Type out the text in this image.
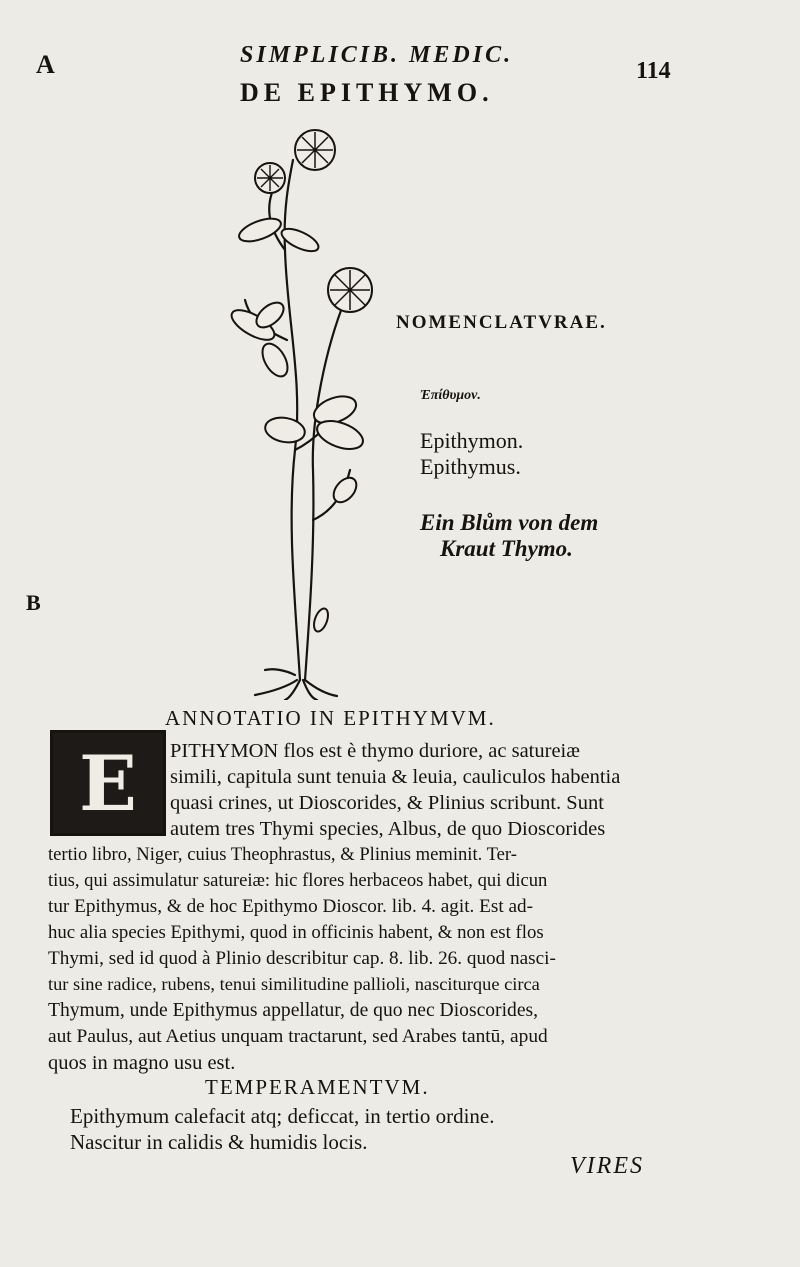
A
B
SIMPLICIB. MEDIC.
DE EPITHYMO.
114
NOMENCLATVRAE.
Ἐπίθυμον.
Epithymon.
Epithymus.
Ein Blům von dem
Kraut Thymo.
ANNOTATIO IN EPITHYMVM.
E	PITHYMON flos est è thymo duriore, ac satureiæ
simili, capitula sunt tenuia & leuia, cauliculos habentia
quasi crines, ut Dioscorides, & Plinius scribunt. Sunt
autem tres Thymi species, Albus, de quo Dioscorides
tertio libro, Niger, cuius Theophrastus, & Plinius meminit. Ter-
tius, qui assimulatur satureiæ: hic flores herbaceos habet, qui dicun
tur Epithymus, & de hoc Epithymo Dioscor. lib. 4. agit. Est ad-
huc alia species Epithymi, quod in officinis habent, & non est flos
Thymi, sed id quod à Plinio describitur cap. 8. lib. 26. quod nasci-
tur sine radice, rubens, tenui similitudine pallioli, nasciturque circa
Thymum, unde Epithymus appellatur, de quo nec Dioscorides,
aut Paulus, aut Aetius unquam tractarunt, sed Arabes tantū, apud
quos in magno usu est.
TEMPERAMENTVM.
Epithymum calefacit atq; deficcat, in tertio ordine.
Nascitur in calidis & humidis locis.
VIRES
